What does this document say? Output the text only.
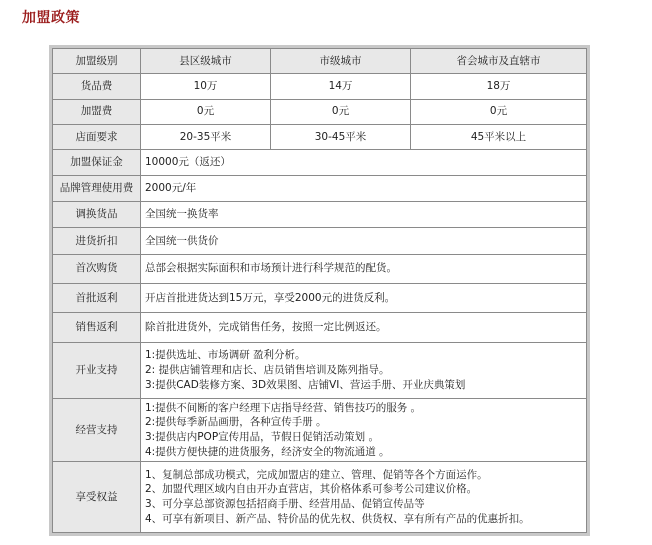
加盟政策
加盟级别	县区级城市	市级城市	省会城市及直辖市
货品费	10万	14万	18万
加盟费	0元	0元	0元
店面要求	20-35平米	30-45平米	45平米以上
加盟保证金	10000元（返还）		
品牌管理使用费	2000元/年		
调换货品	全国统一换货率		
进货折扣	全国统一供货价		
首次购货	总部会根据实际面积和市场预计进行科学规范的配货。		
首批返利	开店首批进货达到15万元，享受2000元的进货反利。		
销售返利	除首批进货外，完成销售任务，按照一定比例返还。		
开业支持	1:提供选址、市场调研 盈利分析。
2: 提供店铺管理和店长、店员销售培训及陈列指导。
3:提供CAD装修方案、3D效果图、店铺VI、营运手册、开业庆典策划		

经营支持	1:提供不间断的客户经理下店指导经营、销售技巧的服务 。
2:提供每季新品画册，各种宣传手册 。
3:提供店内POP宣传用品，节假日促销活动策划 。
4:提供方便快捷的进货服务，经济安全的物流通道 。		

享受权益	1、复制总部成功模式，完成加盟店的建立、管理、促销等各个方面运作。
2、加盟代理区域内自由开办直营店，其价格体系可参考公司建议价格。
3、可分享总部资源包括招商手册、经营用品、促销宣传品等
4、可享有新项目、新产品、特价品的优先权、供货权、享有所有产品的优惠折扣。		
